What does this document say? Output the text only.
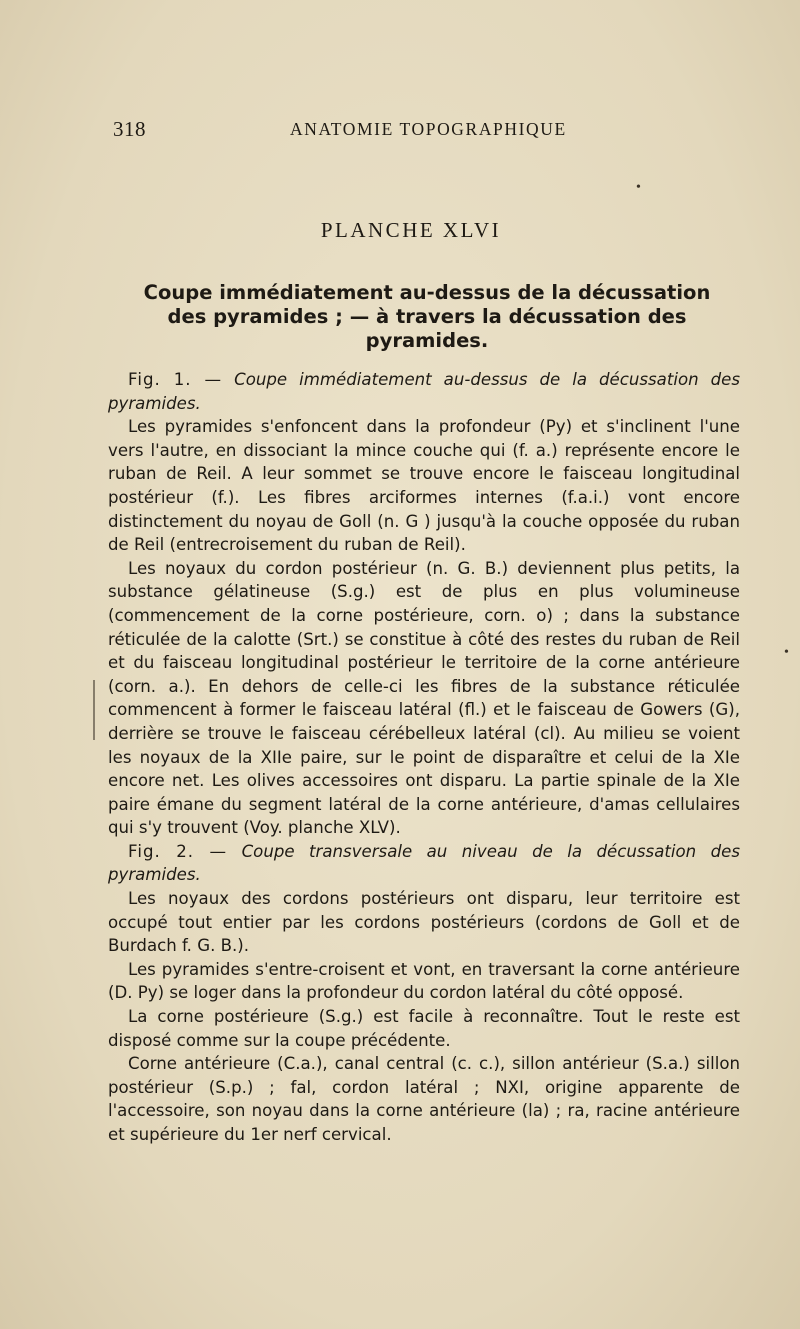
318	ANATOMIE TOPOGRAPHIQUE
•
•
PLANCHE XLVI
Coupe immédiatement au-dessus de la décussation des pyramides ; — à travers la décussation des pyramides.

Fig. 1. — Coupe immédiatement au-dessus de la décussation des pyramides.

Les pyramides s'enfoncent dans la profondeur (Py) et s'inclinent l'une vers l'autre, en dissociant la mince couche qui (f. a.) représente encore le ruban de Reil. A leur sommet se trouve encore le faisceau longitudinal postérieur (f.). Les fibres arciformes internes (f.a.i.) vont encore distinctement du noyau de Goll (n. G ) jusqu'à la couche opposée du ruban de Reil (entrecroisement du ruban de Reil).

Les noyaux du cordon postérieur (n. G. B.) deviennent plus petits, la substance gélatineuse (S.g.) est de plus en plus volumineuse (commencement de la corne postérieure, corn. o) ; dans la substance réticulée de la calotte (Srt.) se constitue à côté des restes du ruban de Reil et du faisceau longitudinal postérieur le territoire de la corne antérieure (corn. a.). En dehors de celle-ci les fibres de la substance réticulée commencent à former le faisceau latéral (fl.) et le faisceau de Gowers (G), derrière se trouve le faisceau cérébelleux latéral (cl). Au milieu se voient les noyaux de la XIIe paire, sur le point de disparaître et celui de la XIe encore net. Les olives accessoires ont disparu. La partie spinale de la XIe paire émane du segment latéral de la corne antérieure, d'amas cellulaires qui s'y trouvent (Voy. planche XLV).

Fig. 2. — Coupe transversale au niveau de la décussation des pyramides.

Les noyaux des cordons postérieurs ont disparu, leur territoire est occupé tout entier par les cordons postérieurs (cordons de Goll et de Burdach f. G. B.).

Les pyramides s'entre-croisent et vont, en traversant la corne antérieure (D. Py) se loger dans la profondeur du cordon latéral du côté opposé.

La corne postérieure (S.g.) est facile à reconnaître. Tout le reste est disposé comme sur la coupe précédente.

Corne antérieure (C.a.), canal central (c. c.), sillon antérieur (S.a.) sillon postérieur (S.p.) ; fal, cordon latéral ; NXI, origine apparente de l'accessoire, son noyau dans la corne antérieure (la) ; ra, racine antérieure et supérieure du 1er nerf cervical.
